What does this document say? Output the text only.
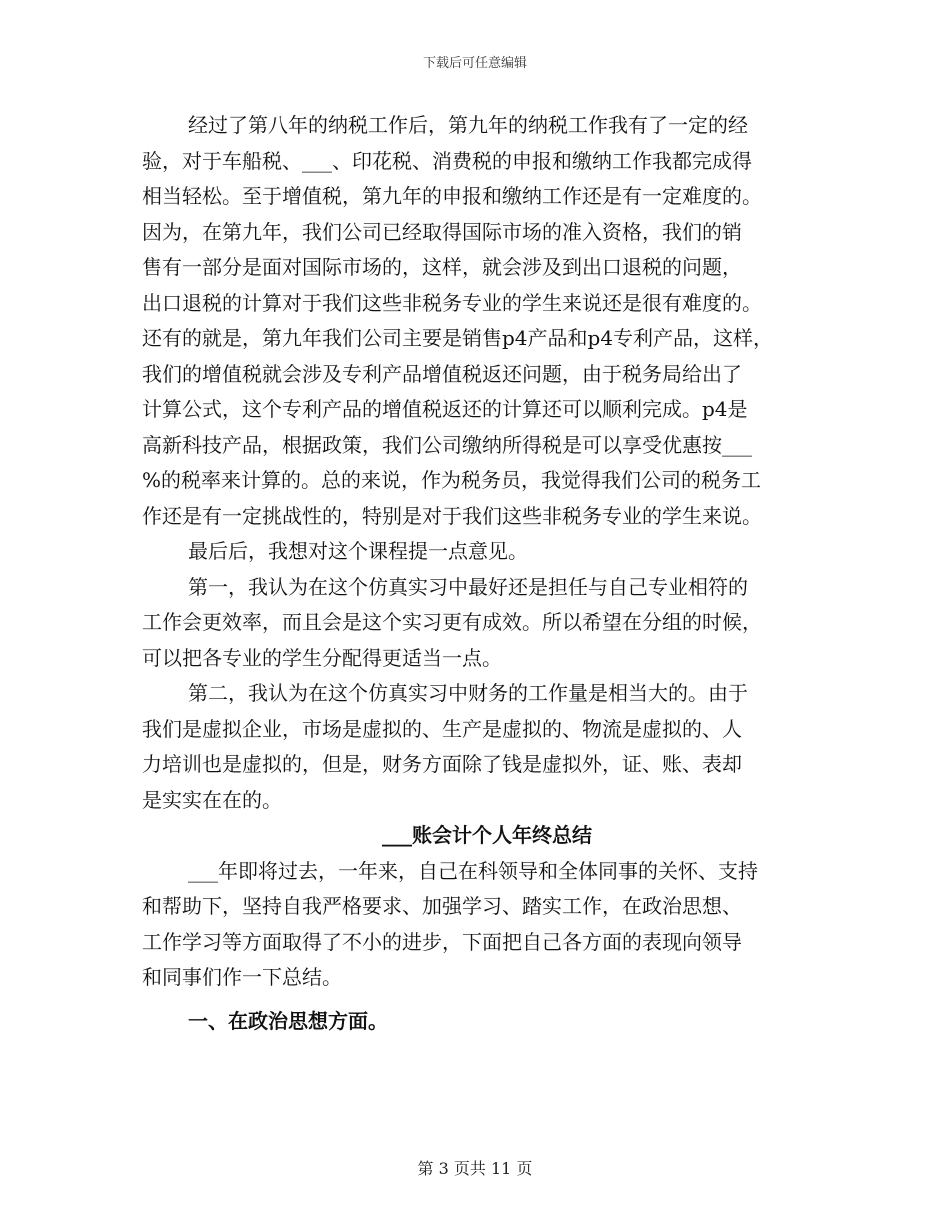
下载后可任意编辑
经过了第八年的纳税工作后，第九年的纳税工作我有了一定的经
验，对于车船税、___、印花税、消费税的申报和缴纳工作我都完成得
相当轻松。至于增值税，第九年的申报和缴纳工作还是有一定难度的。
因为，在第九年，我们公司已经取得国际市场的准入资格，我们的销
售有一部分是面对国际市场的，这样，就会涉及到出口退税的问题，
出口退税的计算对于我们这些非税务专业的学生来说还是很有难度的。
还有的就是，第九年我们公司主要是销售p4产品和p4专利产品，这样，
我们的增值税就会涉及专利产品增值税返还问题，由于税务局给出了
计算公式，这个专利产品的增值税返还的计算还可以顺利完成。p4是
高新科技产品，根据政策，我们公司缴纳所得税是可以享受优惠按___
%的税率来计算的。总的来说，作为税务员，我觉得我们公司的税务工
作还是有一定挑战性的，特别是对于我们这些非税务专业的学生来说。
最后后，我想对这个课程提一点意见。
第一，我认为在这个仿真实习中最好还是担任与自己专业相符的
工作会更效率，而且会是这个实习更有成效。所以希望在分组的时候，
可以把各专业的学生分配得更适当一点。
第二，我认为在这个仿真实习中财务的工作量是相当大的。由于
我们是虚拟企业，市场是虚拟的、生产是虚拟的、物流是虚拟的、人
力培训也是虚拟的，但是，财务方面除了钱是虚拟外，证、账、表却
是实实在在的。
___账会计个人年终总结
___年即将过去，一年来，自己在科领导和全体同事的关怀、支持
和帮助下，坚持自我严格要求、加强学习、踏实工作，在政治思想、
工作学习等方面取得了不小的进步，下面把自己各方面的表现向领导
和同事们作一下总结。
一、在政治思想方面。
第 3 页共 11 页
